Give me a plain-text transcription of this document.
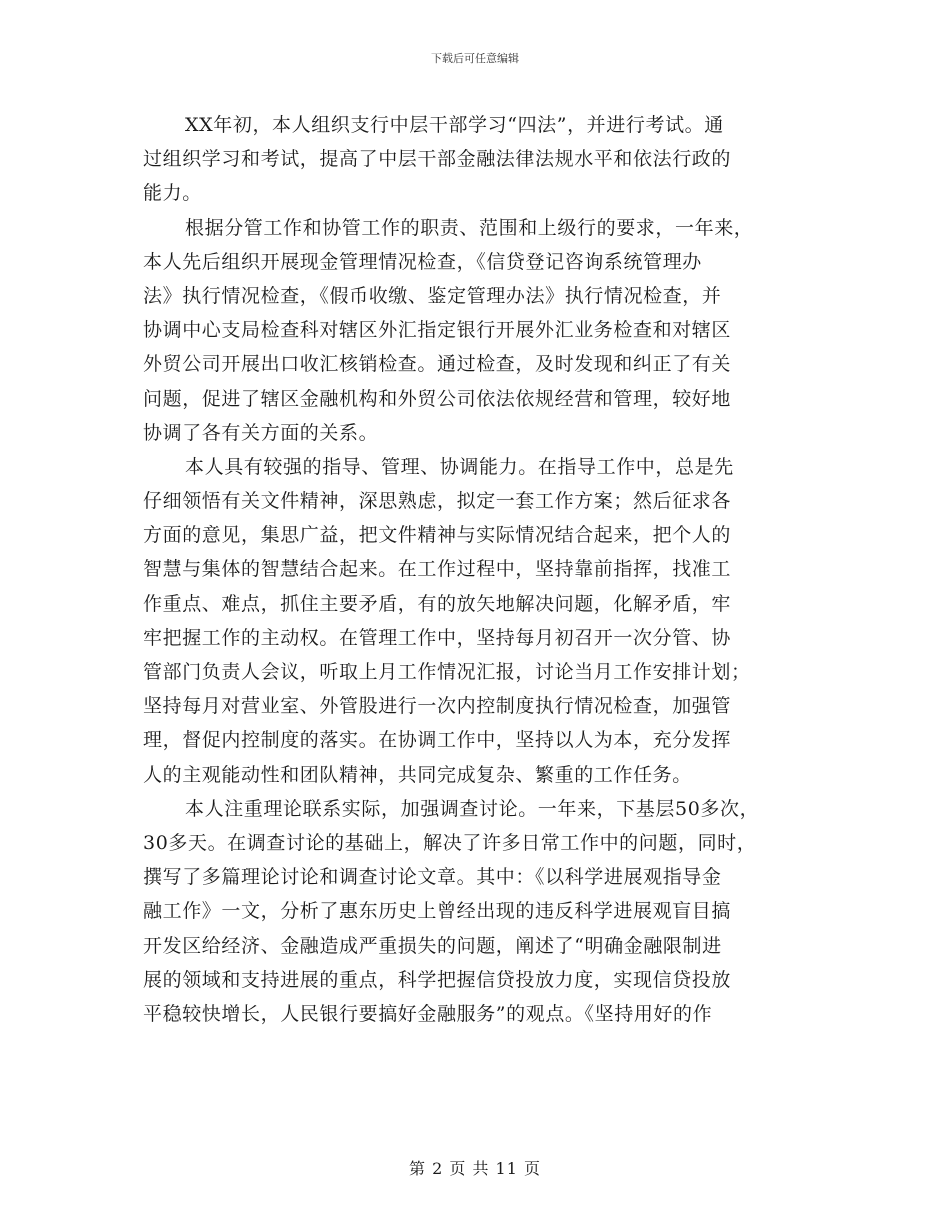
下载后可任意编辑
XX年初，本人组织支行中层干部学习“四法”，并进行考试。通
过组织学习和考试，提高了中层干部金融法律法规水平和依法行政的
能力。
根据分管工作和协管工作的职责、范围和上级行的要求，一年来，
本人先后组织开展现金管理情况检查，《信贷登记咨询系统管理办
法》执行情况检查，《假币收缴、鉴定管理办法》执行情况检查，并
协调中心支局检查科对辖区外汇指定银行开展外汇业务检查和对辖区
外贸公司开展出口收汇核销检查。通过检查，及时发现和纠正了有关
问题，促进了辖区金融机构和外贸公司依法依规经营和管理，较好地
协调了各有关方面的关系。
本人具有较强的指导、管理、协调能力。在指导工作中，总是先
仔细领悟有关文件精神，深思熟虑，拟定一套工作方案；然后征求各
方面的意见，集思广益，把文件精神与实际情况结合起来，把个人的
智慧与集体的智慧结合起来。在工作过程中，坚持靠前指挥，找准工
作重点、难点，抓住主要矛盾，有的放矢地解决问题，化解矛盾，牢
牢把握工作的主动权。在管理工作中，坚持每月初召开一次分管、协
管部门负责人会议，听取上月工作情况汇报，讨论当月工作安排计划；
坚持每月对营业室、外管股进行一次内控制度执行情况检查，加强管
理，督促内控制度的落实。在协调工作中，坚持以人为本，充分发挥
人的主观能动性和团队精神，共同完成复杂、繁重的工作任务。
本人注重理论联系实际，加强调查讨论。一年来，下基层50多次，
30多天。在调查讨论的基础上，解决了许多日常工作中的问题，同时，
撰写了多篇理论讨论和调查讨论文章。其中：《以科学进展观指导金
融工作》一文，分析了惠东历史上曾经出现的违反科学进展观盲目搞
开发区给经济、金融造成严重损失的问题，阐述了“明确金融限制进
展的领域和支持进展的重点，科学把握信贷投放力度，实现信贷投放
平稳较快增长，人民银行要搞好金融服务”的观点。《坚持用好的作
第 2 页 共 11 页
